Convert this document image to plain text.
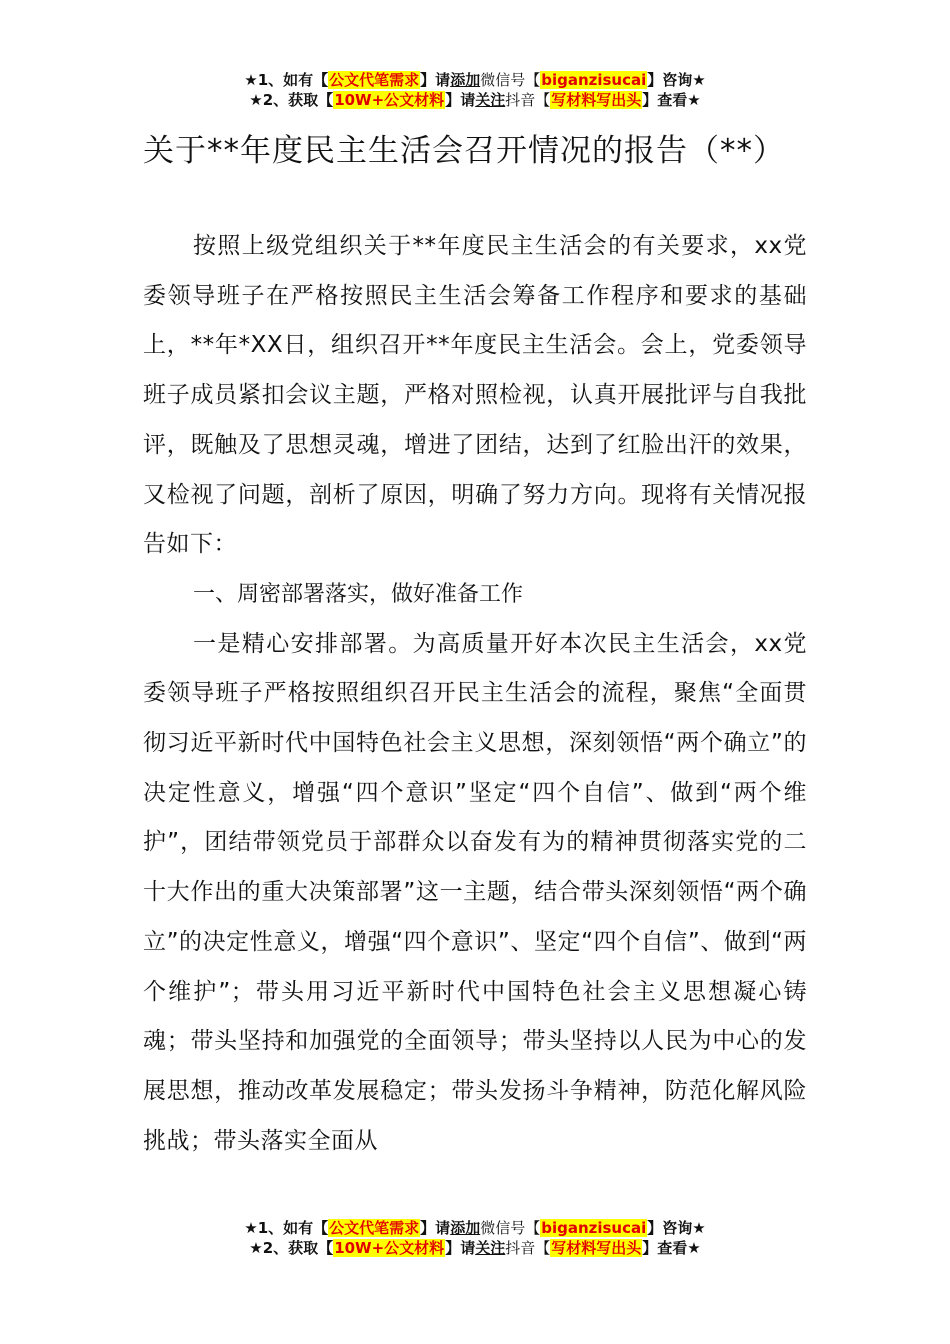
★1、如有【公文代笔需求】请添加微信号【biganzisucai】咨询★
★2、获取【10W+公文材料】请关注抖音【写材料写出头】查看★
关于**年度民主生活会召开情况的报告（**）
按照上级党组织关于**年度民主生活会的有关要求，xx党委领导班子在严格按照民主生活会筹备工作程序和要求的基础上，**年*XX日，组织召开**年度民主生活会。会上，党委领导班子成员紧扣会议主题，严格对照检视，认真开展批评与自我批评，既触及了思想灵魂，增进了团结，达到了红脸出汗的效果，又检视了问题，剖析了原因，明确了努力方向。现将有关情况报告如下：
一、周密部署落实，做好准备工作
一是精心安排部署。为高质量开好本次民主生活会，xx党委领导班子严格按照组织召开民主生活会的流程，聚焦“全面贯彻习近平新时代中国特色社会主义思想，深刻领悟“两个确立”的决定性意义，增强“四个意识”坚定“四个自信”、做到“两个维护”，团结带领党员于部群众以奋发有为的精神贯彻落实党的二十大作出的重大决策部署”这一主题，结合带头深刻领悟“两个确立”的决定性意义，增强“四个意识”、坚定“四个自信”、做到“两个维护”；带头用习近平新时代中国特色社会主义思想凝心铸魂；带头坚持和加强党的全面领导；带头坚持以人民为中心的发展思想，推动改革发展稳定；带头发扬斗争精神，防范化解风险挑战；带头落实全面从
★1、如有【公文代笔需求】请添加微信号【biganzisucai】咨询★
★2、获取【10W+公文材料】请关注抖音【写材料写出头】查看★
